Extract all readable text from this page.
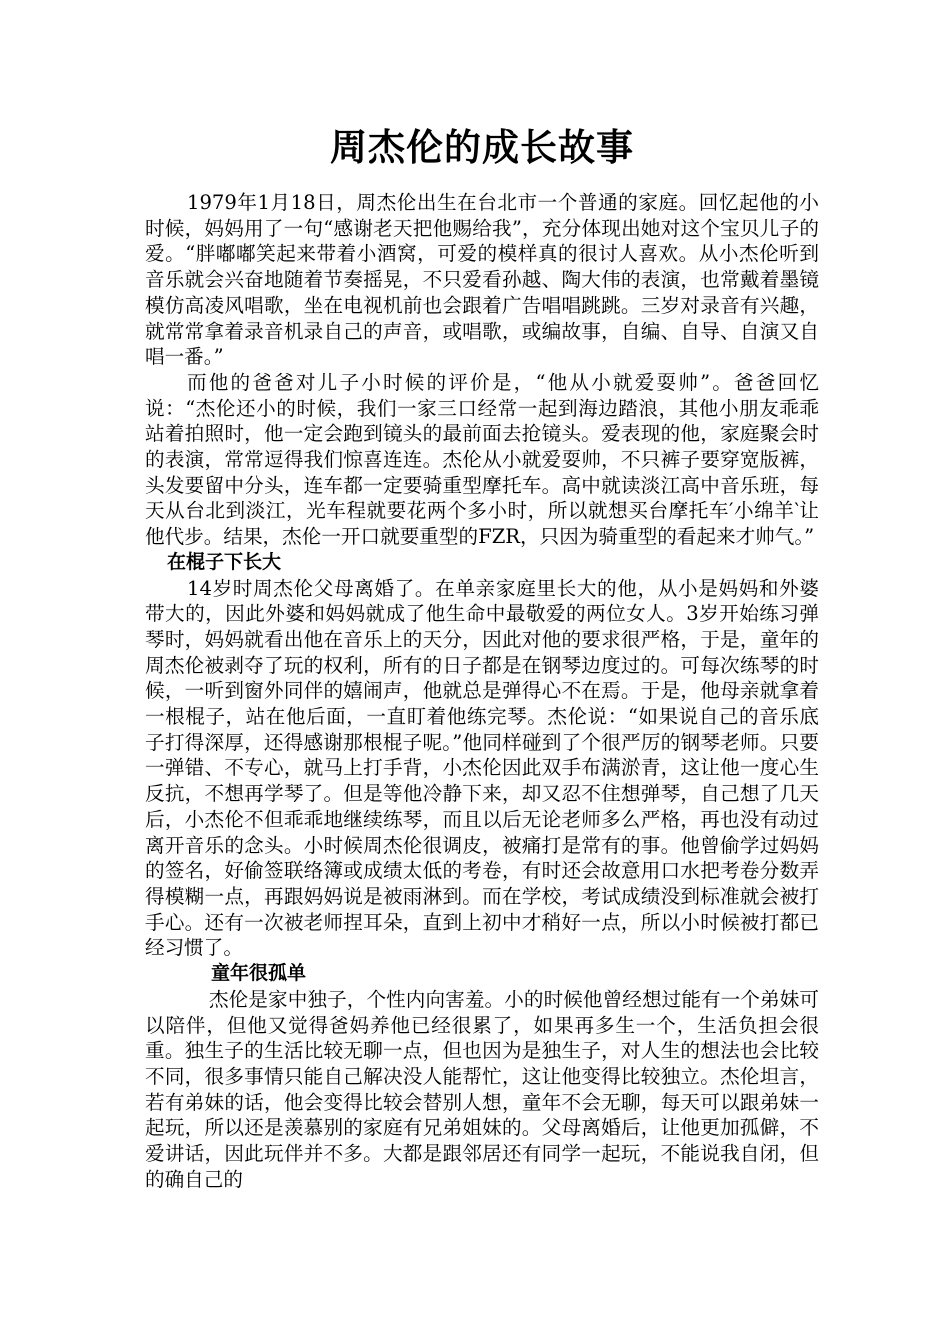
周杰伦的成长故事

1979年1月18日，周杰伦出生在台北市一个普通的家庭。回忆起他的小时候，妈妈用了一句“感谢老天把他赐给我”，充分体现出她对这个宝贝儿子的爱。“胖嘟嘟笑起来带着小酒窝，可爱的模样真的很讨人喜欢。从小杰伦听到音乐就会兴奋地随着节奏摇晃，不只爱看孙越、陶大伟的表演，也常戴着墨镜模仿高凌风唱歌，坐在电视机前也会跟着广告唱唱跳跳。三岁对录音有兴趣，就常常拿着录音机录自己的声音，或唱歌，或编故事，自编、自导、自演又自唱一番。”

而他的爸爸对儿子小时候的评价是，“他从小就爱耍帅”。爸爸回忆说：“杰伦还小的时候，我们一家三口经常一起到海边踏浪，其他小朋友乖乖站着拍照时，他一定会跑到镜头的最前面去抢镜头。爱表现的他，家庭聚会时的表演，常常逗得我们惊喜连连。杰伦从小就爱耍帅，不只裤子要穿宽版裤，头发要留中分头，连车都一定要骑重型摩托车。高中就读淡江高中音乐班，每天从台北到淡江，光车程就要花两个多小时，所以就想买台摩托车′小绵羊‵让他代步。结果，杰伦一开口就要重型的FZR，只因为骑重型的看起来才帅气。”

在棍子下长大

14岁时周杰伦父母离婚了。在单亲家庭里长大的他，从小是妈妈和外婆带大的，因此外婆和妈妈就成了他生命中最敬爱的两位女人。3岁开始练习弹琴时，妈妈就看出他在音乐上的天分，因此对他的要求很严格，于是，童年的周杰伦被剥夺了玩的权利，所有的日子都是在钢琴边度过的。可每次练琴的时候，一听到窗外同伴的嬉闹声，他就总是弹得心不在焉。于是，他母亲就拿着一根棍子，站在他后面，一直盯着他练完琴。杰伦说：“如果说自己的音乐底子打得深厚，还得感谢那根棍子呢。”他同样碰到了个很严厉的钢琴老师。只要一弹错、不专心，就马上打手背，小杰伦因此双手布满淤青，这让他一度心生反抗，不想再学琴了。但是等他冷静下来，却又忍不住想弹琴，自己想了几天后，小杰伦不但乖乖地继续练琴，而且以后无论老师多么严格，再也没有动过离开音乐的念头。小时候周杰伦很调皮，被痛打是常有的事。他曾偷学过妈妈的签名，好偷签联络簿或成绩太低的考卷，有时还会故意用口水把考卷分数弄得模糊一点，再跟妈妈说是被雨淋到。而在学校，考试成绩没到标准就会被打手心。还有一次被老师捏耳朵，直到上初中才稍好一点，所以小时候被打都已经习惯了。

童年很孤单

杰伦是家中独子，个性内向害羞。小的时候他曾经想过能有一个弟妹可以陪伴，但他又觉得爸妈养他已经很累了，如果再多生一个，生活负担会很重。独生子的生活比较无聊一点，但也因为是独生子，对人生的想法也会比较不同，很多事情只能自己解决没人能帮忙，这让他变得比较独立。杰伦坦言，若有弟妹的话，他会变得比较会替别人想，童年不会无聊，每天可以跟弟妹一起玩，所以还是羡慕别的家庭有兄弟姐妹的。父母离婚后，让他更加孤僻，不爱讲话，因此玩伴并不多。大都是跟邻居还有同学一起玩，不能说我自闭，但的确自己的
